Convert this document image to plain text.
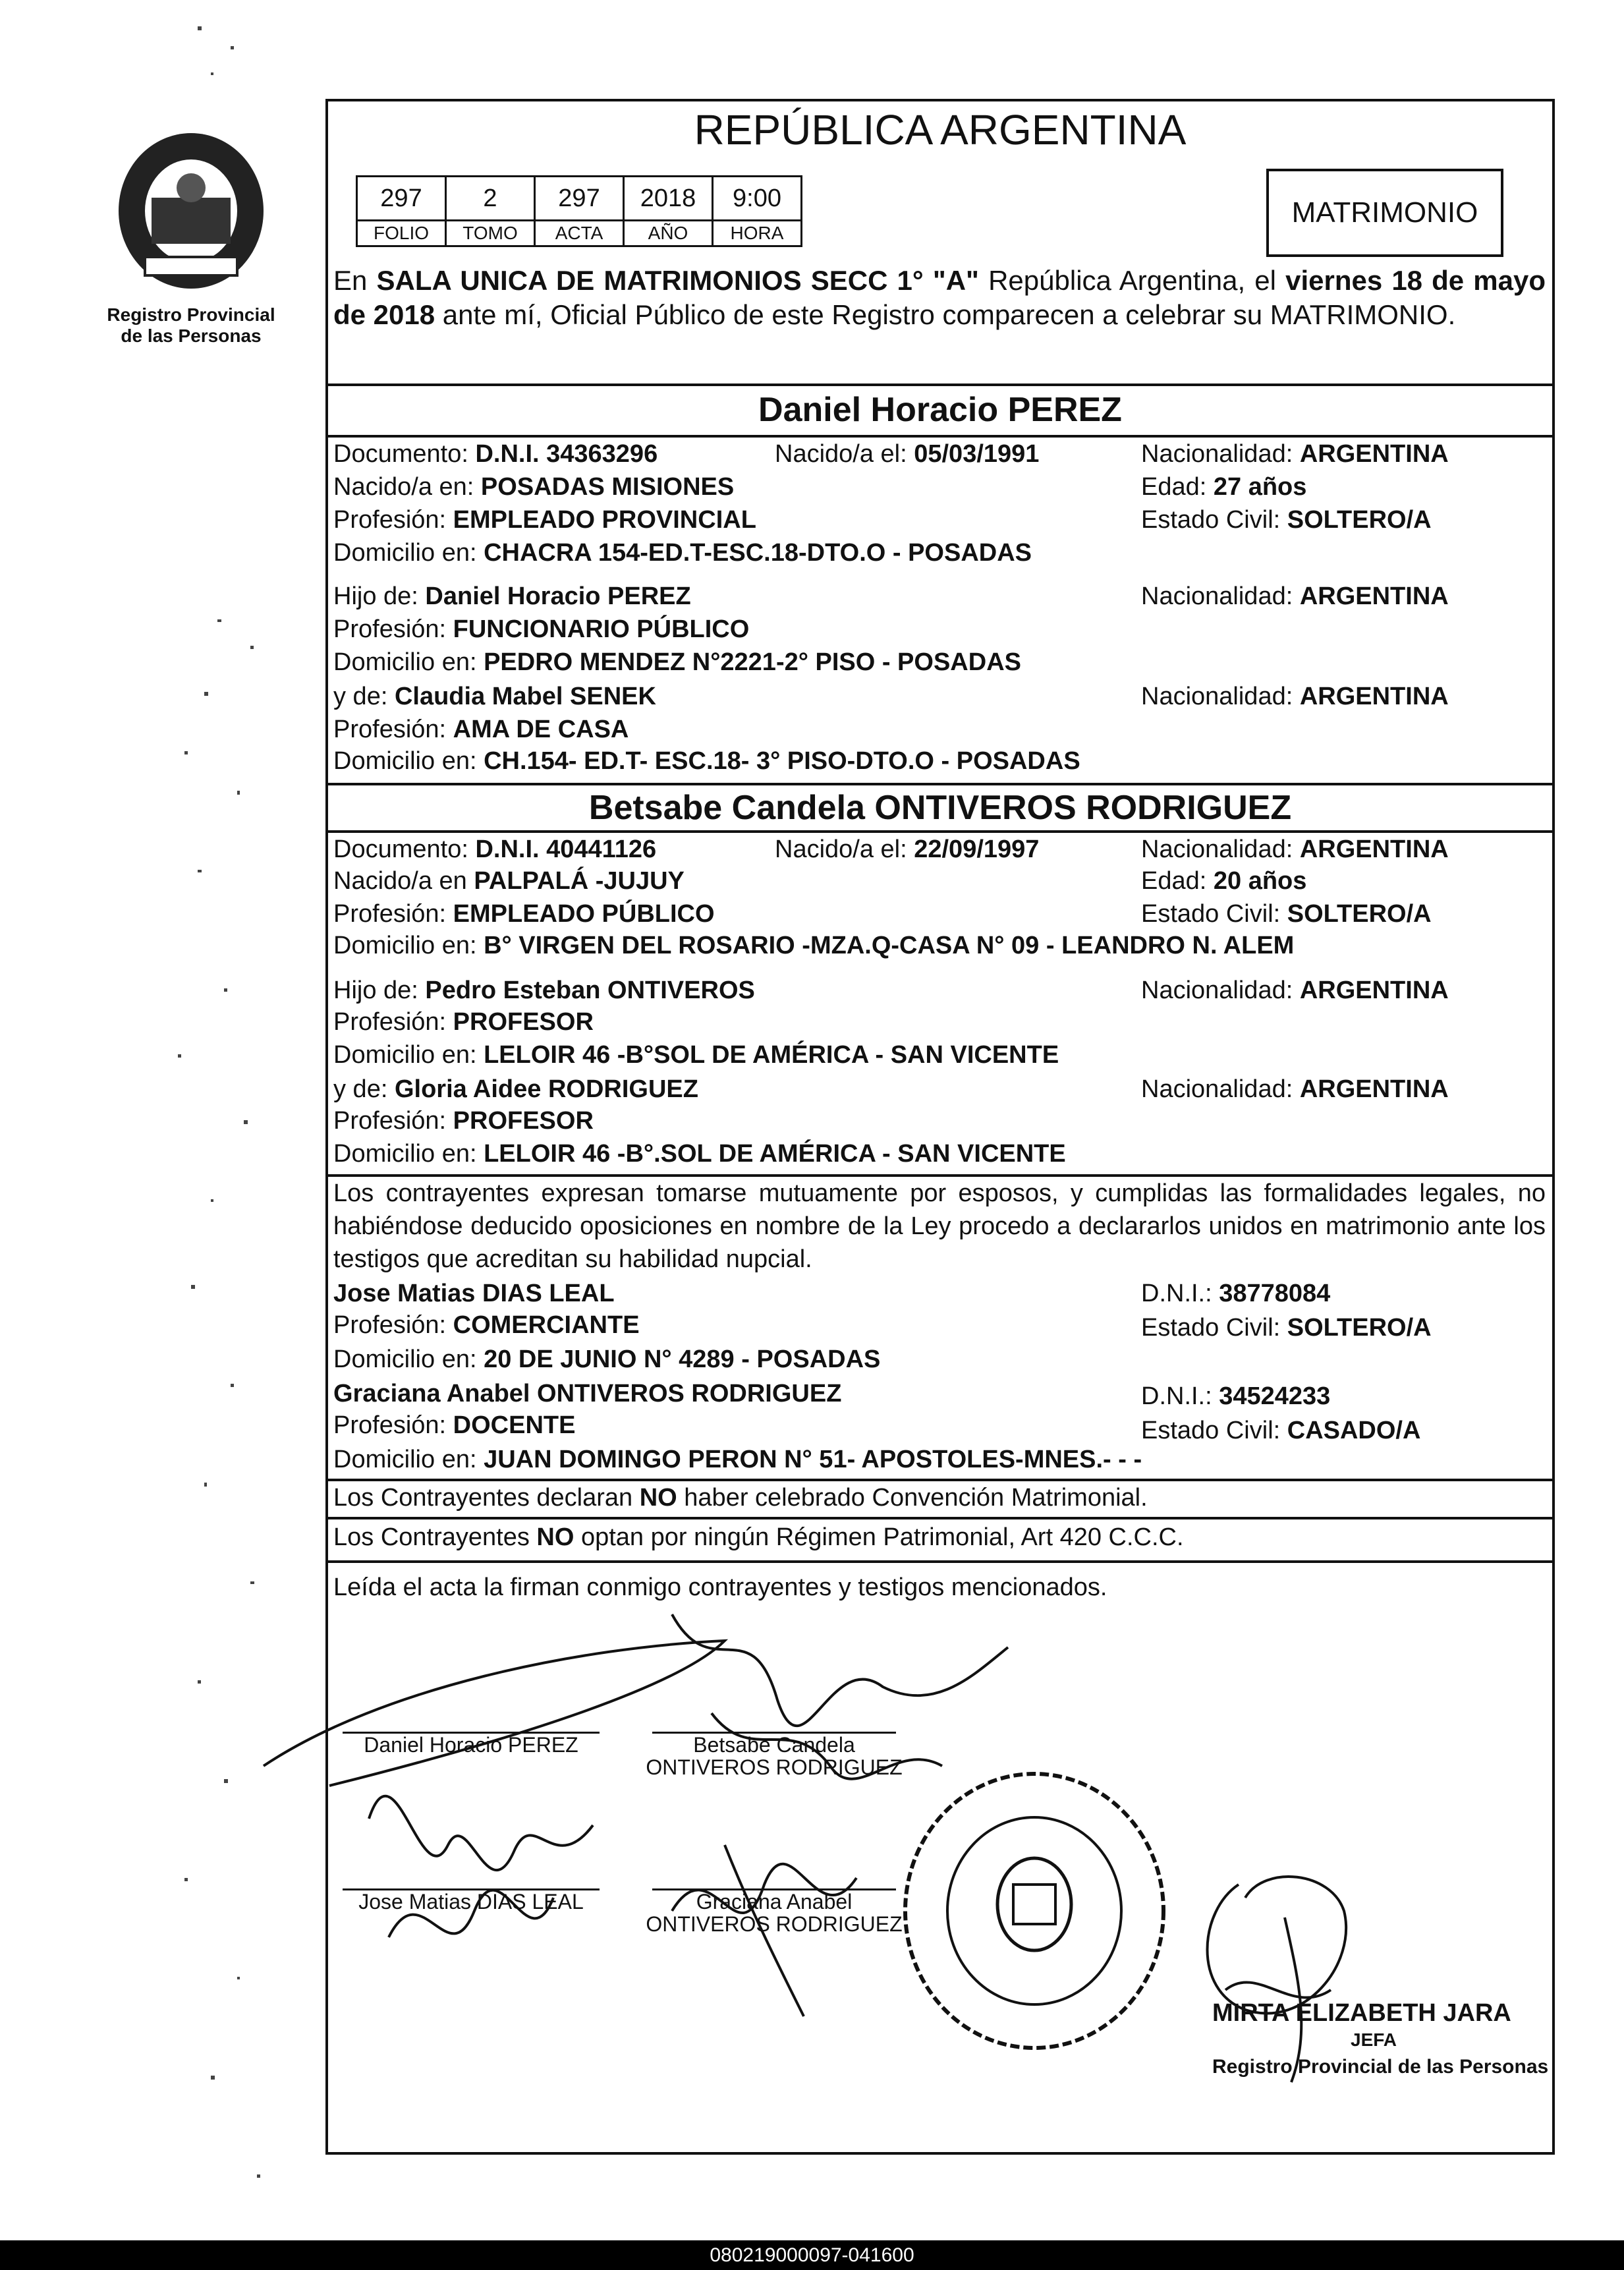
Registro Provincial
de las Personas
REPÚBLICA ARGENTINA
297	2	297	2018	9:00
FOLIO	TOMO	ACTA	AÑO	HORA
MATRIMONIO
En SALA UNICA DE MATRIMONIOS SECC 1° "A" República Argentina, el viernes 18 de mayo de 2018 ante mí, Oficial Público de este Registro comparecen a celebrar su MATRIMONIO.
Daniel Horacio PEREZ
Documento: D.N.I. 34363296	Nacido/a el: 05/03/1991	Nacionalidad: ARGENTINA
Nacido/a en: POSADAS MISIONES	Edad: 27 años
Profesión: EMPLEADO PROVINCIAL	Estado Civil: SOLTERO/A
Domicilio en: CHACRA 154-ED.T-ESC.18-DTO.O - POSADAS
Hijo de: Daniel Horacio PEREZ	Nacionalidad: ARGENTINA
Profesión: FUNCIONARIO PÚBLICO
Domicilio en: PEDRO MENDEZ N°2221-2° PISO - POSADAS
y de: Claudia Mabel SENEK	Nacionalidad: ARGENTINA
Profesión: AMA DE CASA
Domicilio en: CH.154- ED.T- ESC.18- 3° PISO-DTO.O - POSADAS
Betsabe Candela ONTIVEROS RODRIGUEZ
Documento: D.N.I. 40441126	Nacido/a el: 22/09/1997	Nacionalidad: ARGENTINA
Nacido/a en PALPALÁ -JUJUY	Edad: 20 años
Profesión: EMPLEADO PÚBLICO	Estado Civil: SOLTERO/A
Domicilio en: B° VIRGEN DEL ROSARIO -MZA.Q-CASA N° 09 - LEANDRO N. ALEM
Hijo de: Pedro Esteban ONTIVEROS	Nacionalidad: ARGENTINA
Profesión: PROFESOR
Domicilio en: LELOIR 46 -B°SOL DE AMÉRICA - SAN VICENTE
y de: Gloria Aidee RODRIGUEZ	Nacionalidad: ARGENTINA
Profesión: PROFESOR
Domicilio en: LELOIR 46 -B°.SOL DE AMÉRICA - SAN VICENTE
Los contrayentes expresan tomarse mutuamente por esposos, y cumplidas las formalidades legales, no habiéndose deducido oposiciones en nombre de la Ley procedo a declararlos unidos en matrimonio ante los testigos que acreditan su habilidad nupcial.
Jose Matias DIAS LEAL	D.N.I.: 38778084
Profesión: COMERCIANTE	Estado Civil: SOLTERO/A
Domicilio en: 20 DE JUNIO N° 4289 - POSADAS
Graciana Anabel ONTIVEROS RODRIGUEZ	D.N.I.: 34524233
Profesión: DOCENTE	Estado Civil: CASADO/A
Domicilio en: JUAN DOMINGO PERON N° 51- APOSTOLES-MNES.- - -
Los Contrayentes declaran NO haber celebrado Convención Matrimonial.
Los Contrayentes NO optan por ningún Régimen Patrimonial, Art 420 C.C.C.
Leída el acta la firman conmigo contrayentes y testigos mencionados.
Daniel Horacio PEREZ	Betsabe Candela
ONTIVEROS RODRIGUEZ
Jose Matias DIAS LEAL	Graciana Anabel
ONTIVEROS RODRIGUEZ
MIRTA ELIZABETH JARA
JEFA
Registro Provincial de las Personas
080219000097-041600
